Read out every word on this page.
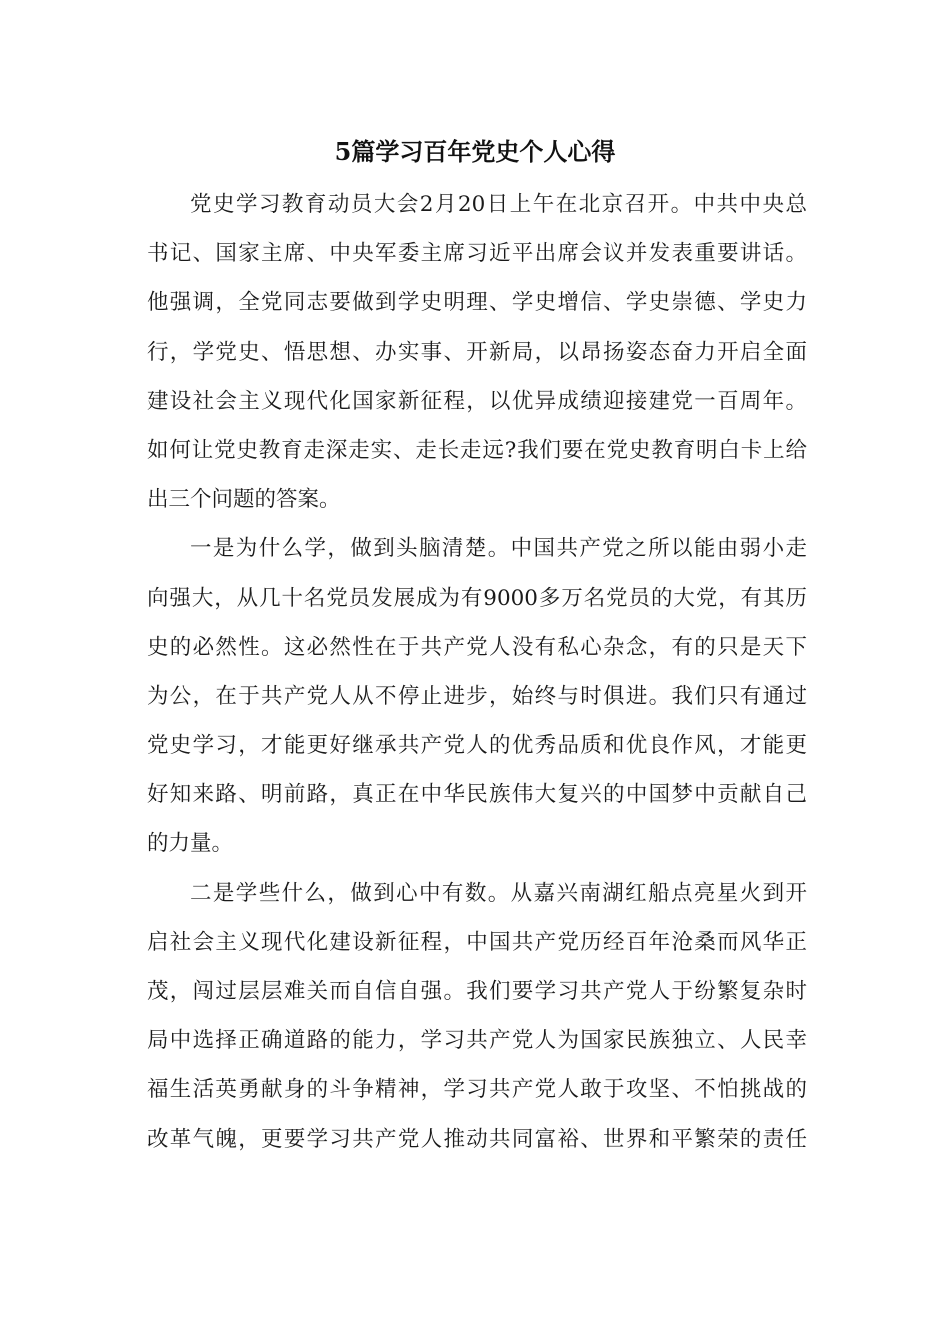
5篇学习百年党史个人心得
党史学习教育动员大会2月20日上午在北京召开。中共中央总
书记、国家主席、中央军委主席习近平出席会议并发表重要讲话。
他强调，全党同志要做到学史明理、学史增信、学史崇德、学史力
行，学党史、悟思想、办实事、开新局，以昂扬姿态奋力开启全面
建设社会主义现代化国家新征程，以优异成绩迎接建党一百周年。
如何让党史教育走深走实、走长走远?我们要在党史教育明白卡上给
出三个问题的答案。
一是为什么学，做到头脑清楚。中国共产党之所以能由弱小走
向强大，从几十名党员发展成为有9000多万名党员的大党，有其历
史的必然性。这必然性在于共产党人没有私心杂念，有的只是天下
为公，在于共产党人从不停止进步，始终与时俱进。我们只有通过
党史学习，才能更好继承共产党人的优秀品质和优良作风，才能更
好知来路、明前路，真正在中华民族伟大复兴的中国梦中贡献自己
的力量。
二是学些什么，做到心中有数。从嘉兴南湖红船点亮星火到开
启社会主义现代化建设新征程，中国共产党历经百年沧桑而风华正
茂，闯过层层难关而自信自强。我们要学习共产党人于纷繁复杂时
局中选择正确道路的能力，学习共产党人为国家民族独立、人民幸
福生活英勇献身的斗争精神，学习共产党人敢于攻坚、不怕挑战的
改革气魄，更要学习共产党人推动共同富裕、世界和平繁荣的责任
